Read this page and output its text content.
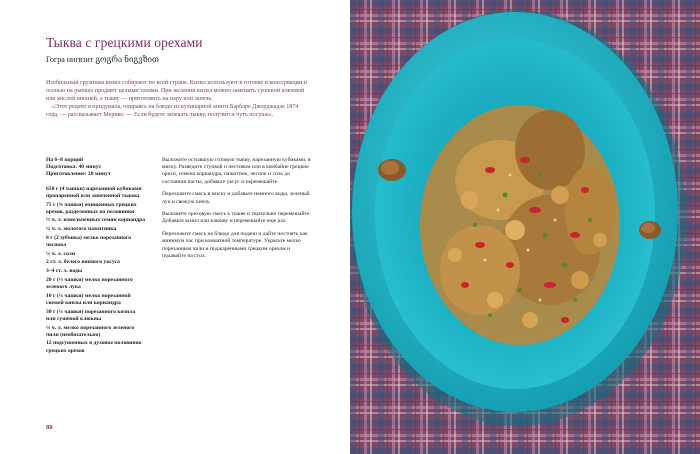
Тыква с грецкими орехами
Гогра нигвзит გოგრა ნიგვზით

Изобильный грузинам кизил собирают по всей стране. Кизил используют в готовке и консервации и осенью на рынках продают целыми тазами. При желании кизил можно заменить сушеной клюквой или кислой вишней, а тыкву — приготовить на пару или запечь.

«Этот рецепт я придумала, опираясь на блюдо из кулинарной книги Барбаре Джорджадзе 1874 года, — рассказывает Мерико. — Если будете запекать тыкву, получится чуть посуше».

На 6–8 порций
Подготовка: 40 минут
Приготовление: 20 минут
650 г (4 чашки) нарезанной кубиками пропаренной или запеченной тыквы
75 г (¾ чашки) очищенных грецких орехов, разделенных на половинки
½ ч. л. измельченных семян кориандра
¼ ч. л. молотого пажитника
8 г (2 зубчика) мелко порезанного чеснока
¼ ч. л. соли
2 ст. л. белого винного уксуса
3–4 ст. л. воды
20 г (⅓ чашки) мелко порезанного зеленого лука
10 г (¼ чашки) мелко порезанной свежей кинзы или кориандра
30 г (¼ чашки) порезанного кизила или сушеной клюквы
¼ ч. л. мелко порезанного зеленого чили (необязательно)
12 подсушенных в духовке половинок грецких орехов

Выложите остывшую готовую тыкву, нарезанную кубиками, в миску. Разведите ступкой и пестиком или в комбайне грецкие орехи, семена кориандра, пажитник, чеснок и соль до состояния пасты, добавьте уксус и перемешайте.

Переложите смесь в миску и добавьте немного воды, зеленый лук и свежую кинзу.

Выложите ореховую смесь к тыкве и тщательно перемешайте. Добавьте кизил или клюкву и перемешайте еще раз.

Переложите смесь на блюдо для подачи и дайте постоять как минимум час при комнатной температуре. Украсьте мелко порезанным чили и поджаренными грецким орехом и подавайте на стол.

88
